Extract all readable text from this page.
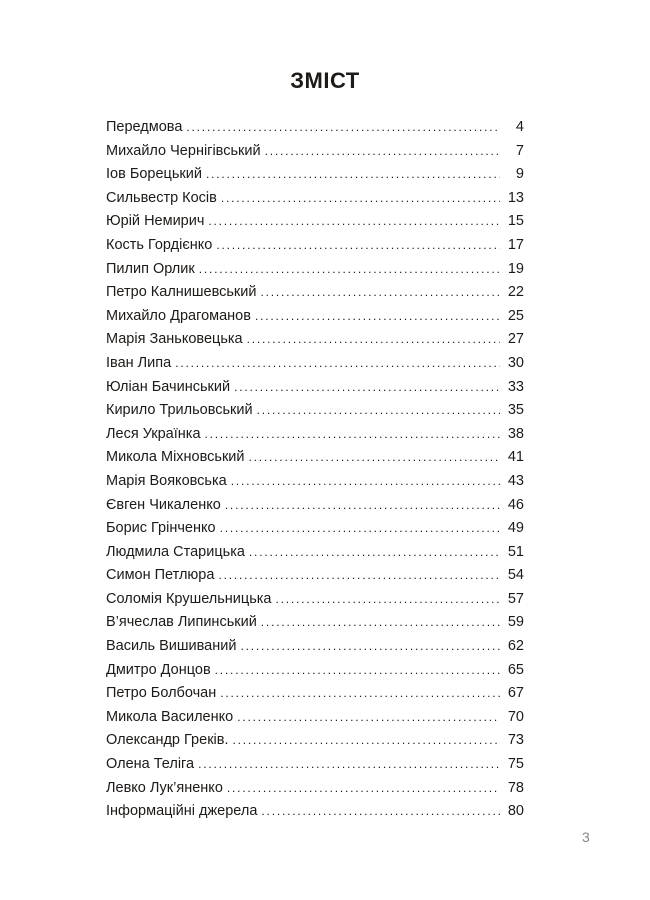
ЗМІСТ
Передмова .....	4
Михайло Чернігівський .....	7
Іов Борецький .....	9
Сильвестр Косів .....	13
Юрій Немирич .....	15
Кость Гордієнко .....	17
Пилип Орлик .....	19
Петро Калнишевський .....	22
Михайло Драгоманов .....	25
Марія Заньковецька .....	27
Іван Липа .....	30
Юліан Бачинський .....	33
Кирило Трильовський .....	35
Леся Українка .....	38
Микола Міхновський .....	41
Марія Вояковська .....	43
Євген Чикаленко .....	46
Борис Грінченко .....	49
Людмила Старицька .....	51
Симон Петлюра .....	54
Соломія Крушельницька .....	57
В’ячеслав Липинський .....	59
Василь Вишиваний .....	62
Дмитро Донцов .....	65
Петро Болбочан .....	67
Микола Василенко .....	70
Олександр Греків. .....	73
Олена Теліга .....	75
Левко Лук’яненко .....	78
Інформаційні джерела .....	80
3
